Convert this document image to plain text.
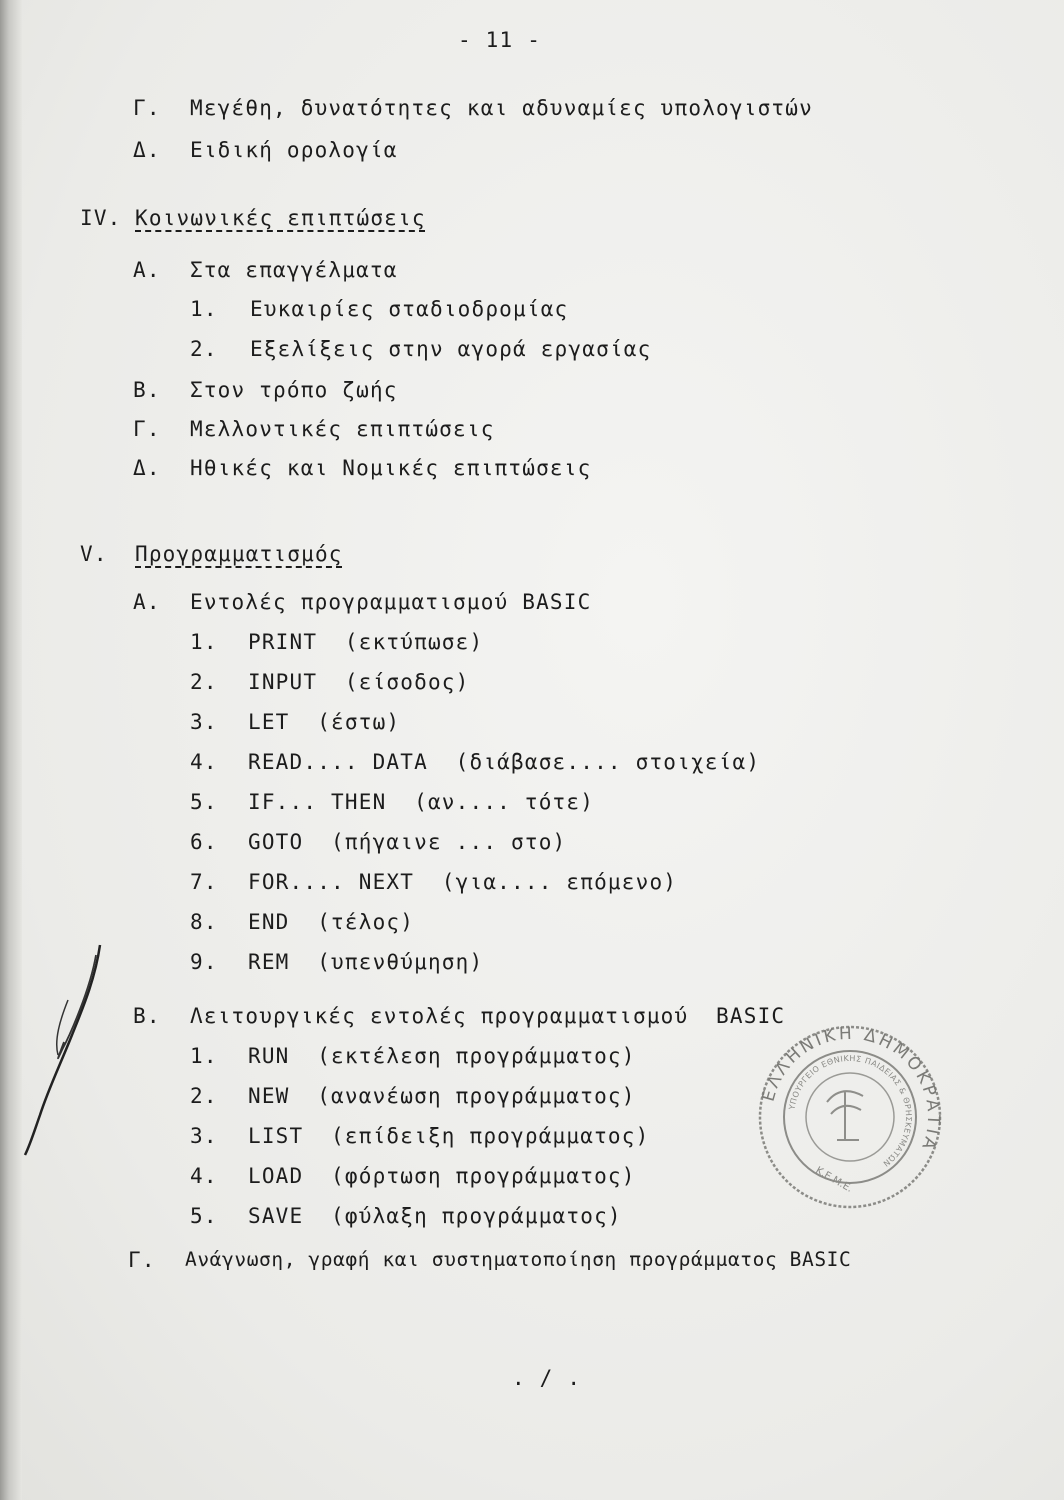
- 11 -
Γ. Μεγέθη, δυνατότητες και αδυναμίες υπολογιστών
Δ. Ειδική ορολογία
IV. Κοινωνικές επιπτώσεις
Α. Στα επαγγέλματα
1. Ευκαιρίες σταδιοδρομίας
2. Εξελίξεις στην αγορά εργασίας
Β. Στον τρόπο ζωής
Γ. Μελλοντικές επιπτώσεις
Δ. Ηθικές και Νομικές επιπτώσεις
V. Προγραμματισμός
Α. Εντολές προγραμματισμού BASIC
1. PRINT  (εκτύπωσε)
2. INPUT  (είσοδος)
3. LET  (έστω)
4. READ.... DATA  (διάβασε.... στοιχεία)
5. IF... THEN  (αν.... τότε)
6. GOTO  (πήγαινε ... στο)
7. FOR.... NEXT  (για.... επόμενο)
8. END  (τέλος)
9. REM  (υπενθύμηση)
Β. Λειτουργικές εντολές προγραμματισμού  BASIC
1. RUN  (εκτέλεση προγράμματος)
2. NEW  (ανανέωση προγράμματος)
3. LIST  (επίδειξη προγράμματος)
4. LOAD  (φόρτωση προγράμματος)
5. SAVE  (φύλαξη προγράμματος)
Γ. Ανάγνωση, γραφή και συστηματοποίηση προγράμματος BASIC
. / .
ΕΛΛΗΝΙΚΗ ΔΗΜΟΚΡΑΤΙΑ
ΥΠΟΥΡΓΕΙΟ ΕΘΝΙΚΗΣ ΠΑΙΔΕΙΑΣ & ΘΡΗΣΚΕΥΜΑΤΩΝ
Κ.Ε.Μ.Ε.
